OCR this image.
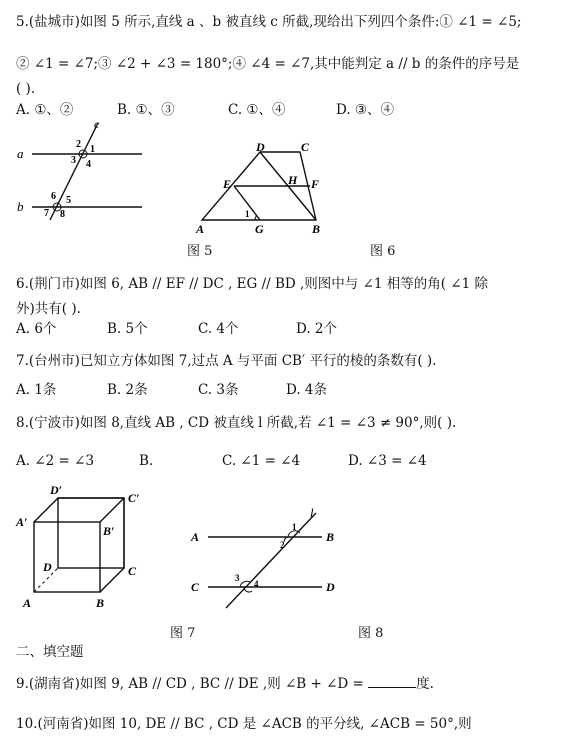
5.(盐城市)如图 5 所示,直线 a 、b 被直线 c 所截,现给出下列四个条件:① ∠1 = ∠5;
② ∠1 = ∠7;③ ∠2 + ∠3 = 180°;④ ∠4 = ∠7,其中能判定 a // b 的条件的序号是
( ).
A. ①、②	B. ①、③	C. ①、④	D. ③、④
a
b
c
1
2
3 4
5
6
7 8
D	C
E	H F
A	G	B
1
图 5	图 6
6.(荆门市)如图 6, AB // EF // DC , EG // BD ,则图中与 ∠1 相等的角( ∠1 除
外)共有( ).
A. 6个	B. 5个	C. 4个	D. 2个
7.(台州市)已知立方体如图 7,过点 A 与平面 CB′ 平行的棱的条数有( ).
A. 1条	B. 2条	C. 3条	D. 4条
8.(宁波市)如图 8,直线 AB , CD 被直线 l 所截,若 ∠1 = ∠3 ≠ 90°,则( ).
A. ∠2 = ∠3	B.	C. ∠1 = ∠4	D. ∠3 = ∠4
D′
C′
A′
B′
D	C
A	B
l
A	B
C	D
1
2
3
4
图 7	图 8
二、填空题
9.(湖南省)如图 9, AB // CD , BC // DE ,则 ∠B + ∠D =	度.
10.(河南省)如图 10, DE // BC , CD 是 ∠ACB 的平分线, ∠ACB = 50°,则
